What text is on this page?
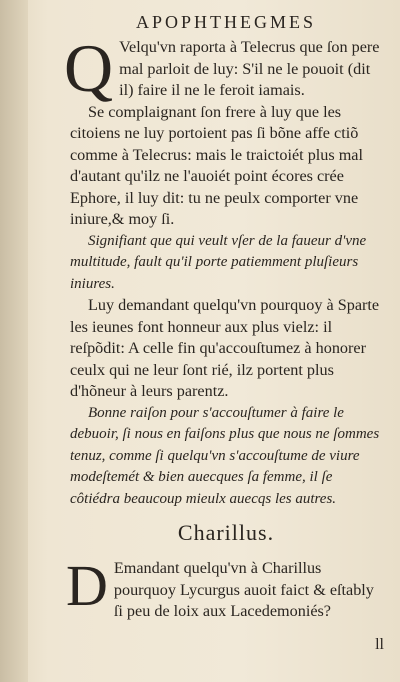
APOPHTHEGMES

Q Velqu'vn raporta à Telecrus que ſon pere mal parloit de luy: S'il ne le pouoit (dit il) faire il ne le feroit iamais.

Se complaignant ſon frere à luy que les citoiens ne luy portoient pas ſi bõne affe ctiõ comme à Telecrus: mais le traictoiét plus mal d'autant qu'ilz ne l'auoiét point écores crée Ephore, il luy dit: tu ne peulx comporter vne iniure,& moy ſi.

Signifiant que qui veult vſer de la faueur d'vne multitude, fault qu'il porte patiemment pluſieurs iniures.

Luy demandant quelqu'vn pourquoy à Sparte les ieunes font honneur aux plus vielz: il reſpõdit: A celle fin qu'accouſtumez à honorer ceulx qui ne leur ſont rié, ilz portent plus d'hõneur à leurs parentz.

Bonne raiſon pour s'accouſtumer à faire le debuoir, ſi nous en faiſons plus que nous ne ſommes tenuz, comme ſi quelqu'vn s'accouſtume de viure modeſtemét & bien auecques ſa femme, il ſe côtiédra beaucoup mieulx auecqs les autres.

Charillus.

D Emandant quelqu'vn à Charillus pourquoy Lycurgus auoit faict & eſtably ſi peu de loix aux Lacedemoniés?

ll
